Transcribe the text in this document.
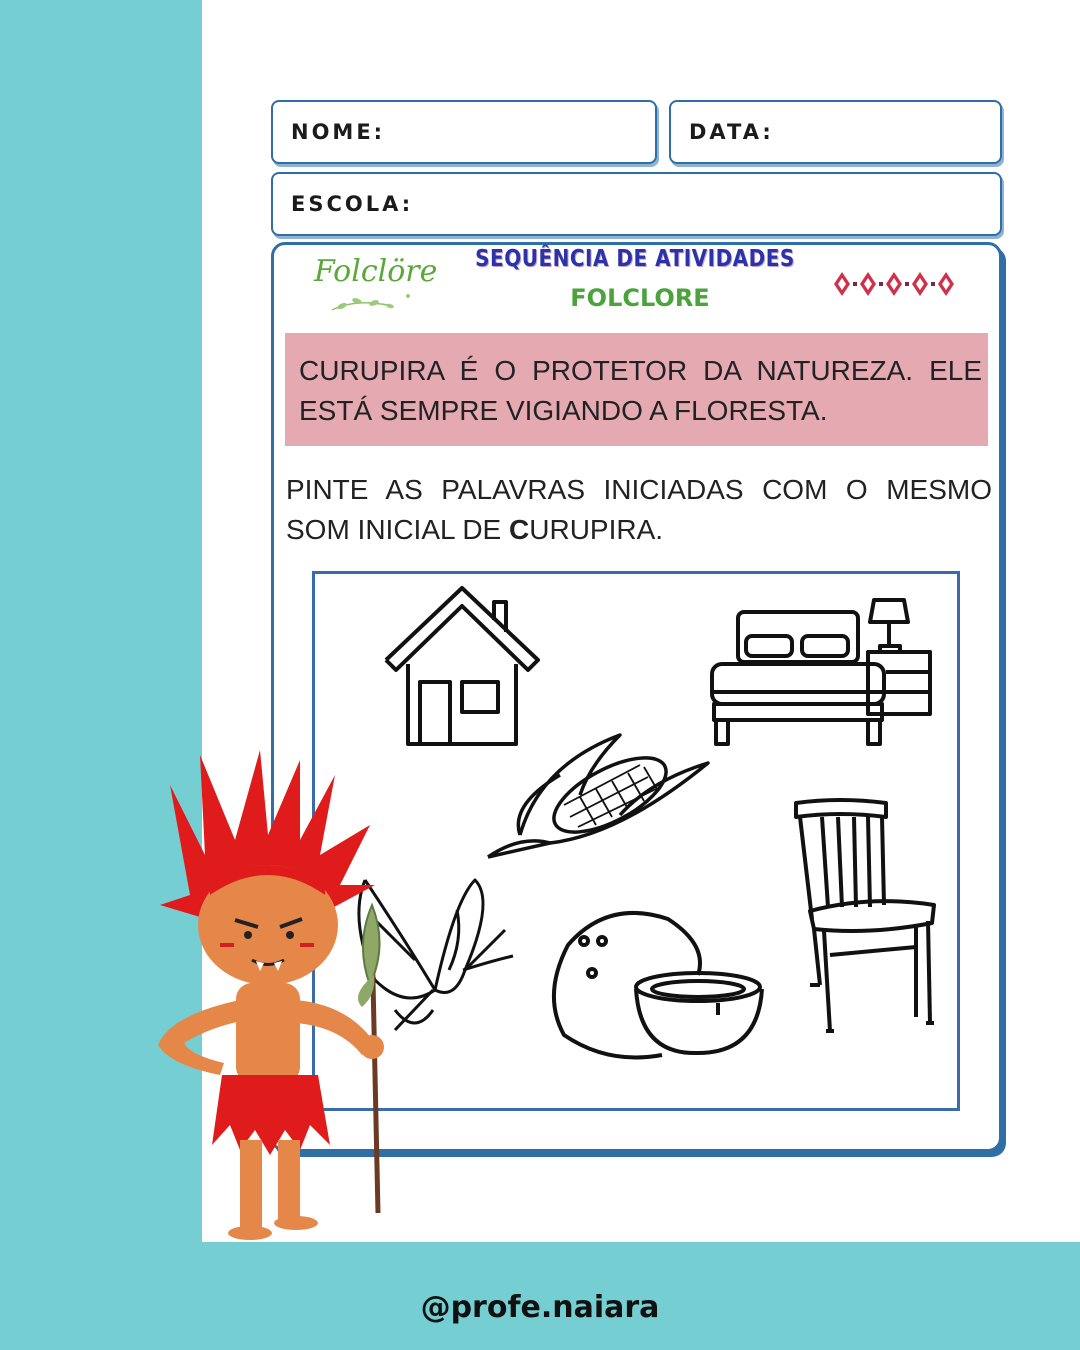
NOME:	DATA:
ESCOLA:
Folclöre SEQUÊNCIA DE ATIVIDADES
FOLCLORE

CURUPIRA É O PROTETOR DA NATUREZA. ELE ESTÁ SEMPRE VIGIANDO A FLORESTA.

PINTE AS PALAVRAS INICIADAS COM O MESMO SOM INICIAL DE CURUPIRA.
@profe.naiara
